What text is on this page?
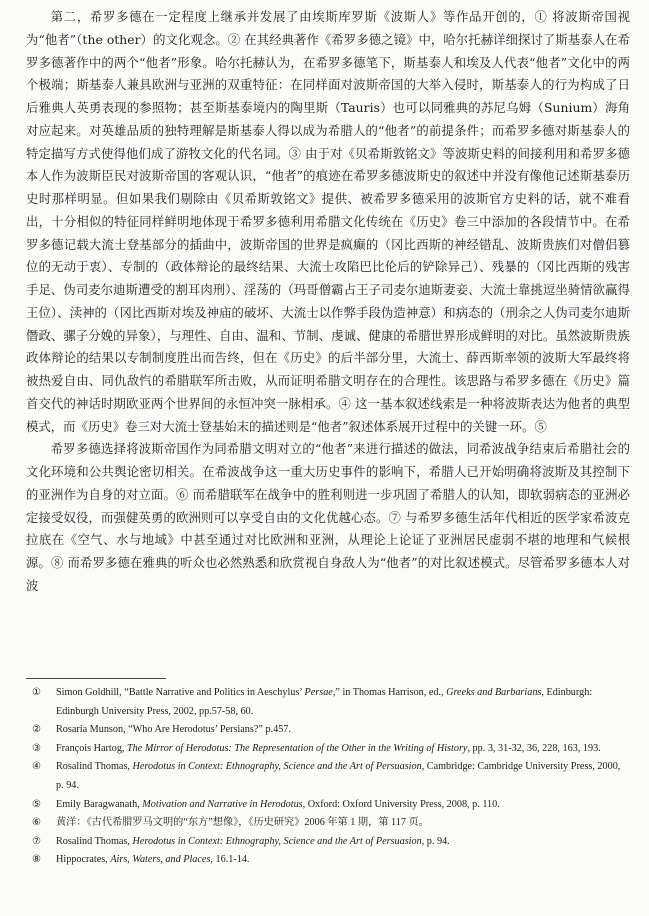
第二，希罗多德在一定程度上继承并发展了由埃斯库罗斯《波斯人》等作品开创的，① 将波斯帝国视为“他者”（the other）的文化观念。② 在其经典著作《希罗多德之镜》中，哈尔托赫详细探讨了斯基泰人在希罗多德著作中的两个“他者”形象。哈尔托赫认为，在希罗多德笔下，斯基泰人和埃及人代表“他者”文化中的两个极端；斯基泰人兼具欧洲与亚洲的双重特征：在同样面对波斯帝国的大举入侵时，斯基泰人的行为构成了日后雅典人英勇表现的参照物；甚至斯基泰境内的陶里斯（Tauris）也可以同雅典的苏尼乌姆（Sunium）海角对应起来。对英雄品质的独特理解是斯基泰人得以成为希腊人的“他者”的前提条件；而希罗多德对斯基泰人的特定描写方式使得他们成了游牧文化的代名词。③ 由于对《贝希斯敦铭文》等波斯史料的间接利用和希罗多德本人作为波斯臣民对波斯帝国的客观认识，“他者”的痕迹在希罗多德波斯史的叙述中并没有像他记述斯基泰历史时那样明显。但如果我们剔除由《贝希斯敦铭文》提供、被希罗多德采用的波斯官方史料的话，就不难看出，十分相似的特征同样鲜明地体现于希罗多德利用希腊文化传统在《历史》卷三中添加的各段情节中。在希罗多德记载大流士登基部分的插曲中，波斯帝国的世界是疯癫的（冈比西斯的神经错乱、波斯贵族们对僧侣篡位的无动于衷）、专制的（政体辩论的最终结果、大流士攻陷巴比伦后的铲除异己）、残暴的（冈比西斯的残害手足、伪司麦尔迪斯遭受的割耳肉刑）、淫荡的（玛哥僧霸占王子司麦尔迪斯妻妾、大流士靠挑逗坐骑情欲赢得王位）、渎神的（冈比西斯对埃及神庙的破坏、大流士以作弊手段伪造神意）和病态的（刑余之人伪司麦尔迪斯僭政、骡子分娩的异象），与理性、自由、温和、节制、虔诚、健康的希腊世界形成鲜明的对比。虽然波斯贵族政体辩论的结果以专制制度胜出而告终，但在《历史》的后半部分里，大流士、薛西斯率领的波斯大军最终将被热爱自由、同仇敌忾的希腊联军所击败，从而证明希腊文明存在的合理性。该思路与希罗多德在《历史》篇首交代的神话时期欧亚两个世界间的永恒冲突一脉相承。④ 这一基本叙述线索是一种将波斯表达为他者的典型模式，而《历史》卷三对大流士登基始末的描述则是“他者”叙述体系展开过程中的关键一环。⑤

希罗多德选择将波斯帝国作为同希腊文明对立的“他者”来进行描述的做法，同希波战争结束后希腊社会的文化环境和公共舆论密切相关。在希波战争这一重大历史事件的影响下，希腊人已开始明确将波斯及其控制下的亚洲作为自身的对立面。⑥ 而希腊联军在战争中的胜利则进一步巩固了希腊人的认知，即软弱病态的亚洲必定接受奴役，而强健英勇的欧洲则可以享受自由的文化优越心态。⑦ 与希罗多德生活年代相近的医学家希波克拉底在《空气、水与地域》中甚至通过对比欧洲和亚洲，从理论上论证了亚洲居民虚弱不堪的地理和气候根源。⑧ 而希罗多德在雅典的听众也必然熟悉和欣赏视自身敌人为“他者”的对比叙述模式。尽管希罗多德本人对波

①	Simon Goldhill, “Battle Narrative and Politics in Aeschylus’ Persae,” in Thomas Harrison, ed., Greeks and Barbarians, Edinburgh: Edinburgh University Press, 2002, pp.57-58, 60.
②	Rosaria Munson, “Who Are Herodotus’ Persians?” p.457.
③	François Hartog, The Mirror of Herodotus: The Representation of the Other in the Writing of History, pp. 3, 31-32, 36, 228, 163, 193.
④	Rosalind Thomas, Herodotus in Context: Ethnography, Science and the Art of Persuasion, Cambridge: Cambridge University Press, 2000, p. 94.
⑤	Emily Baragwanath, Motivation and Narrative in Herodotus, Oxford: Oxford University Press, 2008, p. 110.
⑥	黄洋：《古代希腊罗马文明的“东方”想像》，《历史研究》2006 年第 1 期，第 117 页。
⑦	Rosalind Thomas, Herodotus in Context: Ethnography, Science and the Art of Persuasion, p. 94.
⑧	Hippocrates, Airs, Waters, and Places, 16.1-14.
